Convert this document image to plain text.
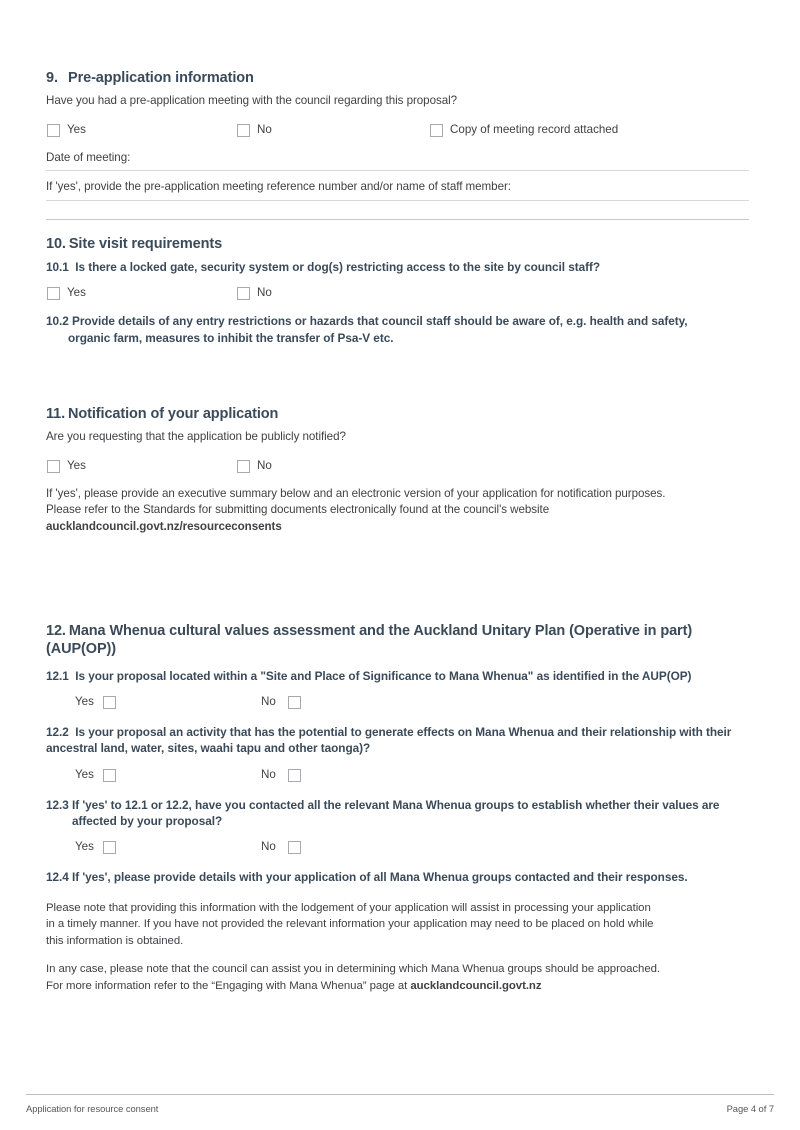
9. Pre-application information

Have you had a pre-application meeting with the council regarding this proposal?

Yes	No	Copy of meeting record attached

Date of meeting:

If 'yes', provide the pre-application meeting reference number and/or name of staff member:

10. Site visit requirements

10.1 Is there a locked gate, security system or dog(s) restricting access to the site by council staff?

Yes	No

10.2 Provide details of any entry restrictions or hazards that council staff should be aware of, e.g. health and safety,
organic farm, measures to inhibit the transfer of Psa-V etc.

11. Notification of your application

Are you requesting that the application be publicly notified?

Yes	No

If 'yes', please provide an executive summary below and an electronic version of your application for notification purposes.
Please refer to the Standards for submitting documents electronically found at the council's website aucklandcouncil.govt.nz/resourceconsents

12. Mana Whenua cultural values assessment and the Auckland Unitary Plan (Operative in part) (AUP(OP))

12.1 Is your proposal located within a "Site and Place of Significance to Mana Whenua" as identified in the AUP(OP)

Yes	No

12.2 Is your proposal an activity that has the potential to generate effects on Mana Whenua and their relationship with their
ancestral land, water, sites, waahi tapu and other taonga)?

Yes	No

12.3 If 'yes' to 12.1 or 12.2, have you contacted all the relevant Mana Whenua groups to establish whether their values are
affected by your proposal?

Yes	No

12.4 If 'yes', please provide details with your application of all Mana Whenua groups contacted and their responses.

Please note that providing this information with the lodgement of your application will assist in processing your application
in a timely manner. If you have not provided the relevant information your application may need to be placed on hold while
this information is obtained.

In any case, please note that the council can assist you in determining which Mana Whenua groups should be approached.
For more information refer to the “Engaging with Mana Whenua” page at aucklandcouncil.govt.nz

Application for resource consent	Page 4 of 7
